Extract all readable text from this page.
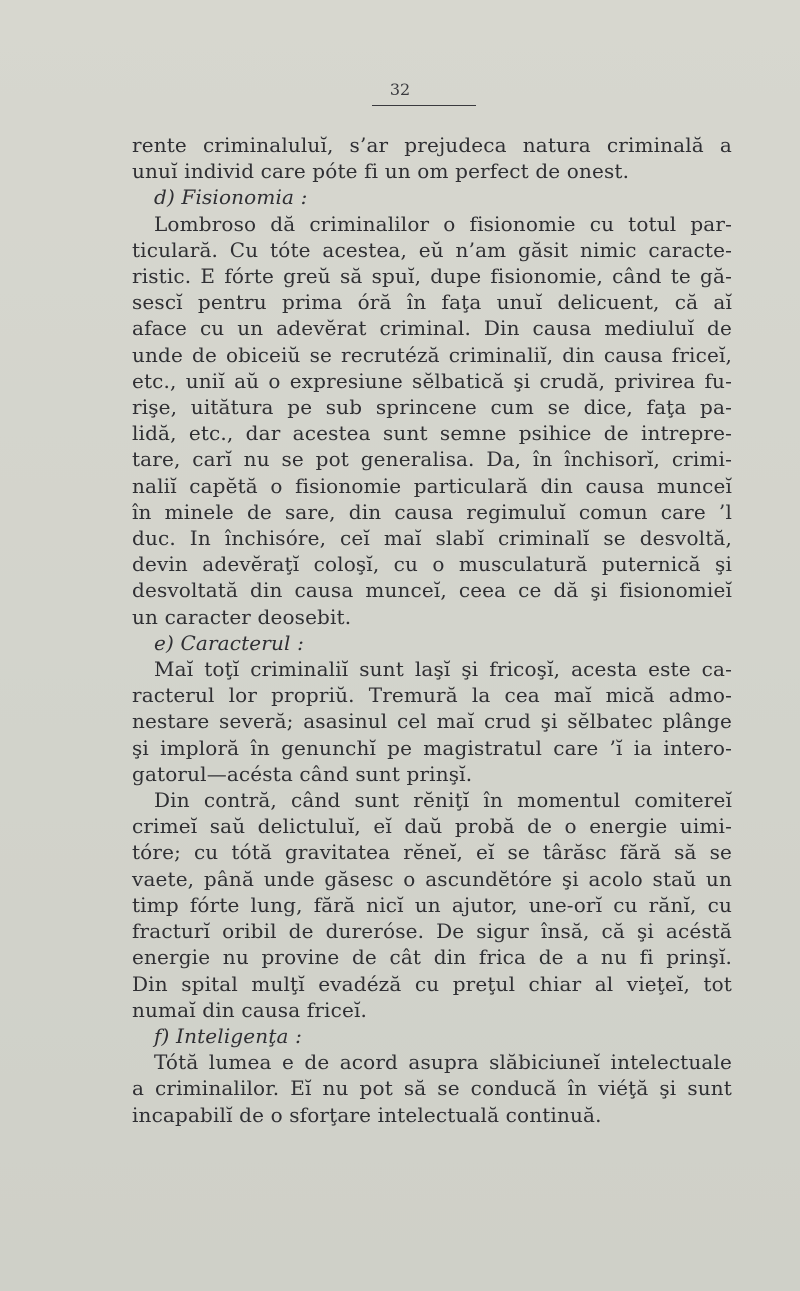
32
rente criminaluluĭ, s’ar prejudeca natura criminală a
unuĭ individ care póte fi un om perfect de onest.
d) Fisionomia :
Lombroso dă criminalilor o fisionomie cu totul par-
ticulară. Cu tóte acestea, eŭ n’am găsit nimic caracte-
ristic. E fórte greŭ să spuĭ, dupe fisionomie, când te gă-
sescĭ pentru prima óră în faţa unuĭ delicuent, că aĭ
aface cu un adevĕrat criminal. Din causa mediuluĭ de
unde de obiceiŭ se recrutéză criminaliĭ, din causa friceĭ,
etc., uniĭ aŭ o expresiune sĕlbatică şi crudă, privirea fu-
rişe, uitătura pe sub sprincene cum se dice, faţa pa-
lidă, etc., dar acestea sunt semne psihice de intrepre-
tare, carĭ nu se pot generalisa. Da, în închisorĭ, crimi-
naliĭ capĕtă o fisionomie particulară din causa munceĭ
în minele de sare, din causa regimuluĭ comun care ’l
duc. In închisóre, ceĭ maĭ slabĭ criminalĭ se desvoltă,
devin adevĕraţĭ coloşĭ, cu o musculatură puternică şi
desvoltată din causa munceĭ, ceea ce dă şi fisionomieĭ
un caracter deosebit.
e) Caracterul :
Maĭ toţĭ criminaliĭ sunt laşĭ şi fricoşĭ, acesta este ca-
racterul lor propriŭ. Tremură la cea maĭ mică admo-
nestare severă; asasinul cel maĭ crud şi sĕlbatec plânge
şi imploră în genunchĭ pe magistratul care ’ĭ ia intero-
gatorul—acésta când sunt prinşĭ.
Din contră, când sunt rĕniţĭ în momentul comitereĭ
crimeĭ saŭ delictuluĭ, eĭ daŭ probă de o energie uimi-
tóre; cu tótă gravitatea rĕneĭ, eĭ se târăsc fără să se
vaete, până unde găsesc o ascundĕtóre şi acolo staŭ un
timp fórte lung, fără nicĭ un ajutor, une-orĭ cu rănĭ, cu
fracturĭ oribil de dureróse. De sigur însă, că şi acéstă
energie nu provine de cât din frica de a nu fi prinşĭ.
Din spital mulţĭ evadéză cu preţul chiar al vieţeĭ, tot
numaĭ din causa friceĭ.
f) Inteligenţa :
Tótă lumea e de acord asupra slăbiciuneĭ intelectuale
a criminalilor. Eĭ nu pot să se conducă în viéţă şi sunt
incapabilĭ de o sforţare intelectuală continuă.
